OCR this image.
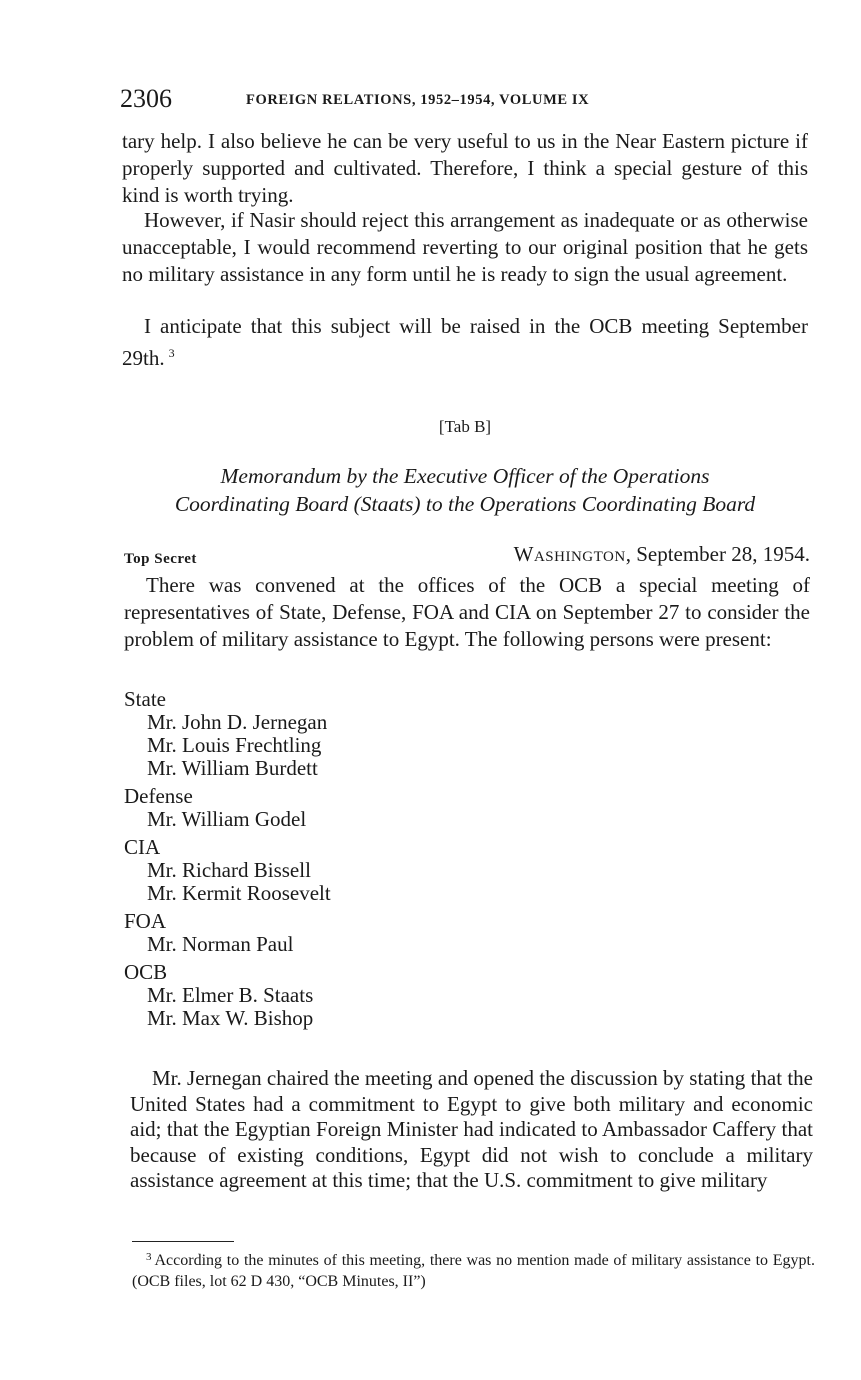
2306	FOREIGN RELATIONS, 1952–1954, VOLUME IX
tary help. I also believe he can be very useful to us in the Near Eastern picture if properly supported and cultivated. Therefore, I think a special gesture of this kind is worth trying.
However, if Nasir should reject this arrangement as inadequate or as otherwise unacceptable, I would recommend reverting to our original position that he gets no military assistance in any form until he is ready to sign the usual agreement.
I anticipate that this subject will be raised in the OCB meeting September 29th. $^3$
[Tab B]
Memorandum by the Executive Officer of the Operations
Coordinating Board (Staats) to the Operations Coordinating Board
Top Secret	Washington, September 28, 1954.
There was convened at the offices of the OCB a special meeting of representatives of State, Defense, FOA and CIA on September 27 to consider the problem of military assistance to Egypt. The following persons were present:
State
Mr. John D. Jernegan
Mr. Louis Frechtling
Mr. William Burdett
Defense
Mr. William Godel
CIA
Mr. Richard Bissell
Mr. Kermit Roosevelt
FOA
Mr. Norman Paul
OCB
Mr. Elmer B. Staats
Mr. Max W. Bishop
Mr. Jernegan chaired the meeting and opened the discussion by stating that the United States had a commitment to Egypt to give both military and economic aid; that the Egyptian Foreign Minister had indicated to Ambassador Caffery that because of existing conditions, Egypt did not wish to conclude a military assistance agreement at this time; that the U.S. commitment to give military
$^3$ According to the minutes of this meeting, there was no mention made of military assistance to Egypt. (OCB files, lot 62 D 430, “OCB Minutes, II”)
